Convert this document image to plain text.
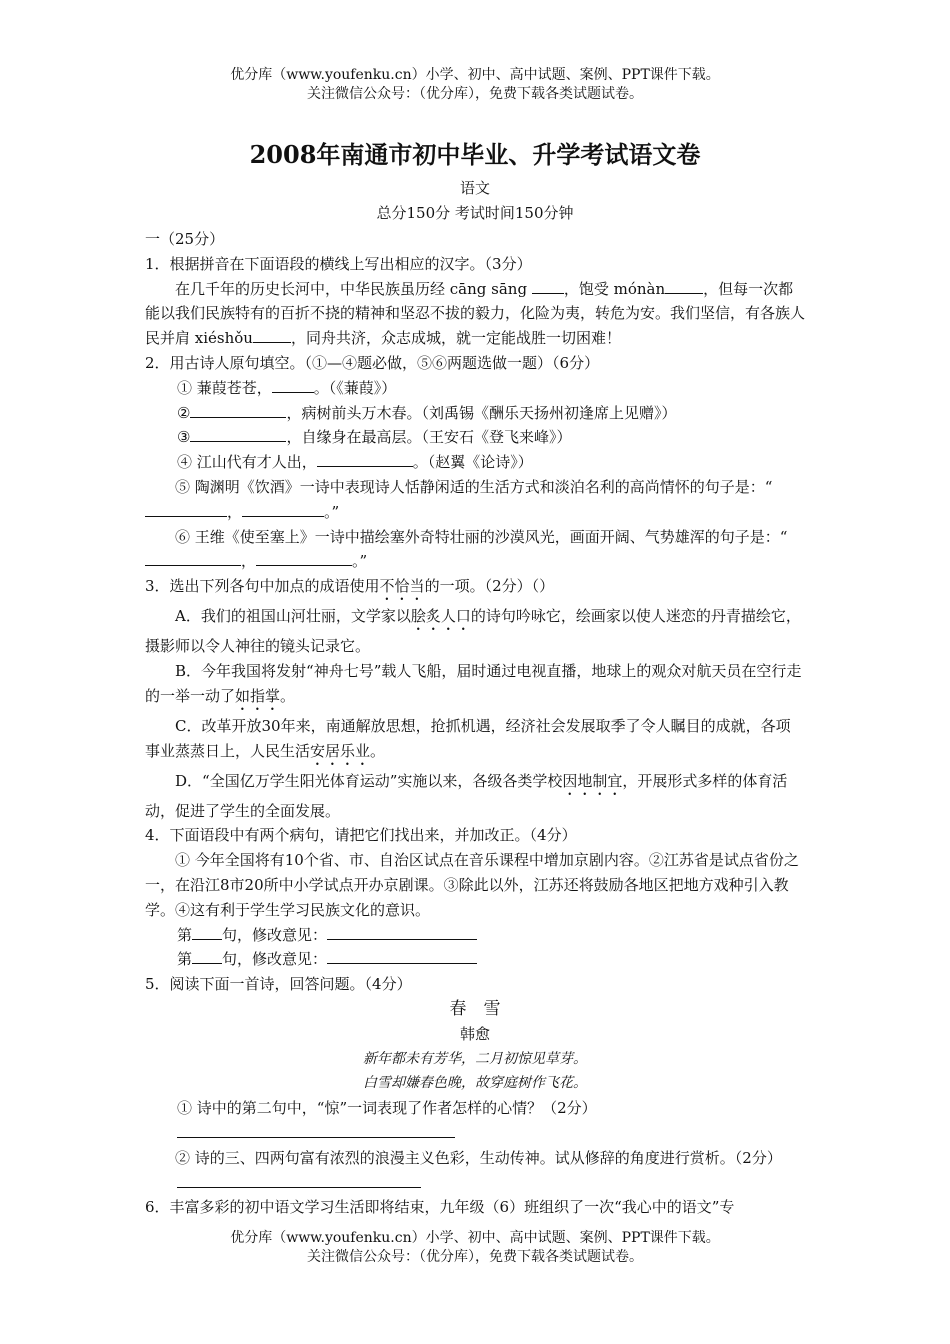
优分库（www.youfenku.cn）小学、初中、高中试题、案例、PPT课件下载。
关注微信公众号：（优分库），免费下载各类试题试卷。
2008年南通市初中毕业、升学考试语文卷
语文
总分150分 考试时间150分钟

一（25分）

1．根据拼音在下面语段的横线上写出相应的汉字。（3分）

在几千年的历史长河中，中华民族虽历经 cāng sāng ，饱受 mónàn	，但每一次都能以我们民族特有的百折不挠的精神和坚忍不拔的毅力，化险为夷，转危为安。我们坚信，有各族人民并肩 xiéshǒu	，同舟共济，众志成城，就一定能战胜一切困难！

2．用古诗人原句填空。（①—④题必做，⑤⑥两题选做一题）（6分）

① 蒹葭苍苍，	。（《蒹葭》）

②	，病树前头万木春。（刘禹锡《酬乐天扬州初逢席上见赠》）

③	，自缘身在最高层。（王安石《登飞来峰》）

④ 江山代有才人出，	。（赵翼《论诗》）

⑤ 陶渊明《饮酒》一诗中表现诗人恬静闲适的生活方式和淡泊名利的高尚情怀的句子是：“，	。”

⑥ 王维《使至塞上》一诗中描绘塞外奇特壮丽的沙漠风光，画面开阔、气势雄浑的句子是：“，	。”

3．选出下列各句中加点的成语使用不恰当的一项。（2分）（）

A．我们的祖国山河壮丽，文学家以脍炙人口的诗句吟咏它，绘画家以使人迷恋的丹青描绘它，摄影师以令人神往的镜头记录它。

B．今年我国将发射“神舟七号”载人飞船，届时通过电视直播，地球上的观众对航天员在空行走的一举一动了如指掌。

C．改革开放30年来，南通解放思想，抢抓机遇，经济社会发展取季了令人瞩目的成就，各项事业蒸蒸日上，人民生活安居乐业。

D．“全国亿万学生阳光体育运动”实施以来，各级各类学校因地制宜，开展形式多样的体育活动，促进了学生的全面发展。

4．下面语段中有两个病句，请把它们找出来，并加改正。（4分）

① 今年全国将有10个省、市、自治区试点在音乐课程中增加京剧内容。②江苏省是试点省份之一，在沿江8市20所中小学试点开办京剧课。③除此以外，江苏还将鼓励各地区把地方戏种引入教学。④这有利于学生学习民族文化的意识。

第 句，修改意见：

第 句，修改意见：

5．阅读下面一首诗，回答问题。（4分）

春雪

韩愈

新年都未有芳华，二月初惊见草芽。

白雪却嫌春色晚，故穿庭树作飞花。

① 诗中的第二句中，“惊”一词表现了作者怎样的心情？（2分）

② 诗的三、四两句富有浓烈的浪漫主义色彩，生动传神。试从修辞的角度进行赏析。（2分）

6．丰富多彩的初中语文学习生活即将结束，九年级（6）班组织了一次“我心中的语文”专

优分库（www.youfenku.cn）小学、初中、高中试题、案例、PPT课件下载。
关注微信公众号：（优分库），免费下载各类试题试卷。
